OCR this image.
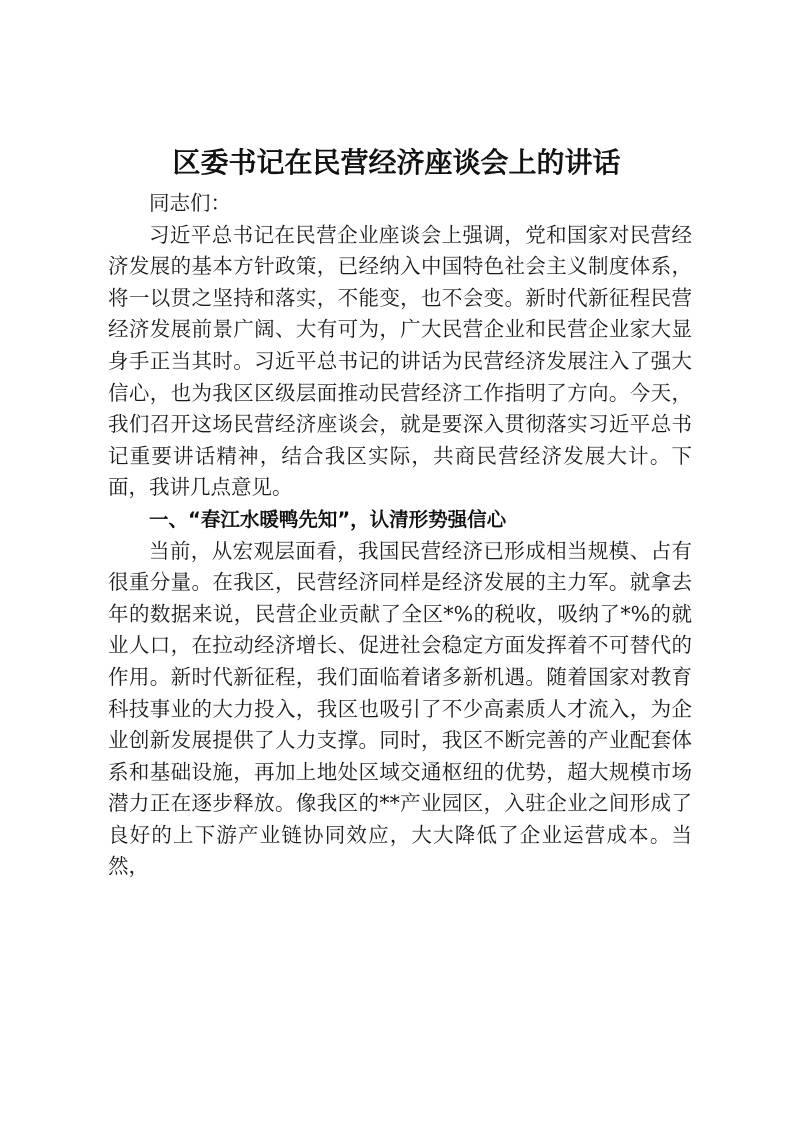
区委书记在民营经济座谈会上的讲话

同志们：

习近平总书记在民营企业座谈会上强调，党和国家对民营经济发展的基本方针政策，已经纳入中国特色社会主义制度体系，将一以贯之坚持和落实，不能变，也不会变。新时代新征程民营经济发展前景广阔、大有可为，广大民营企业和民营企业家大显身手正当其时。习近平总书记的讲话为民营经济发展注入了强大信心，也为我区区级层面推动民营经济工作指明了方向。今天，我们召开这场民营经济座谈会，就是要深入贯彻落实习近平总书记重要讲话精神，结合我区实际，共商民营经济发展大计。下面，我讲几点意见。

一、“春江水暖鸭先知”，认清形势强信心

当前，从宏观层面看，我国民营经济已形成相当规模、占有很重分量。在我区，民营经济同样是经济发展的主力军。就拿去年的数据来说，民营企业贡献了全区*%的税收，吸纳了*%的就业人口，在拉动经济增长、促进社会稳定方面发挥着不可替代的作用。新时代新征程，我们面临着诸多新机遇。随着国家对教育科技事业的大力投入，我区也吸引了不少高素质人才流入，为企业创新发展提供了人力支撑。同时，我区不断完善的产业配套体系和基础设施，再加上地处区域交通枢纽的优势，超大规模市场潜力正在逐步释放。像我区的**产业园区，入驻企业之间形成了良好的上下游产业链协同效应，大大降低了企业运营成本。当然，
